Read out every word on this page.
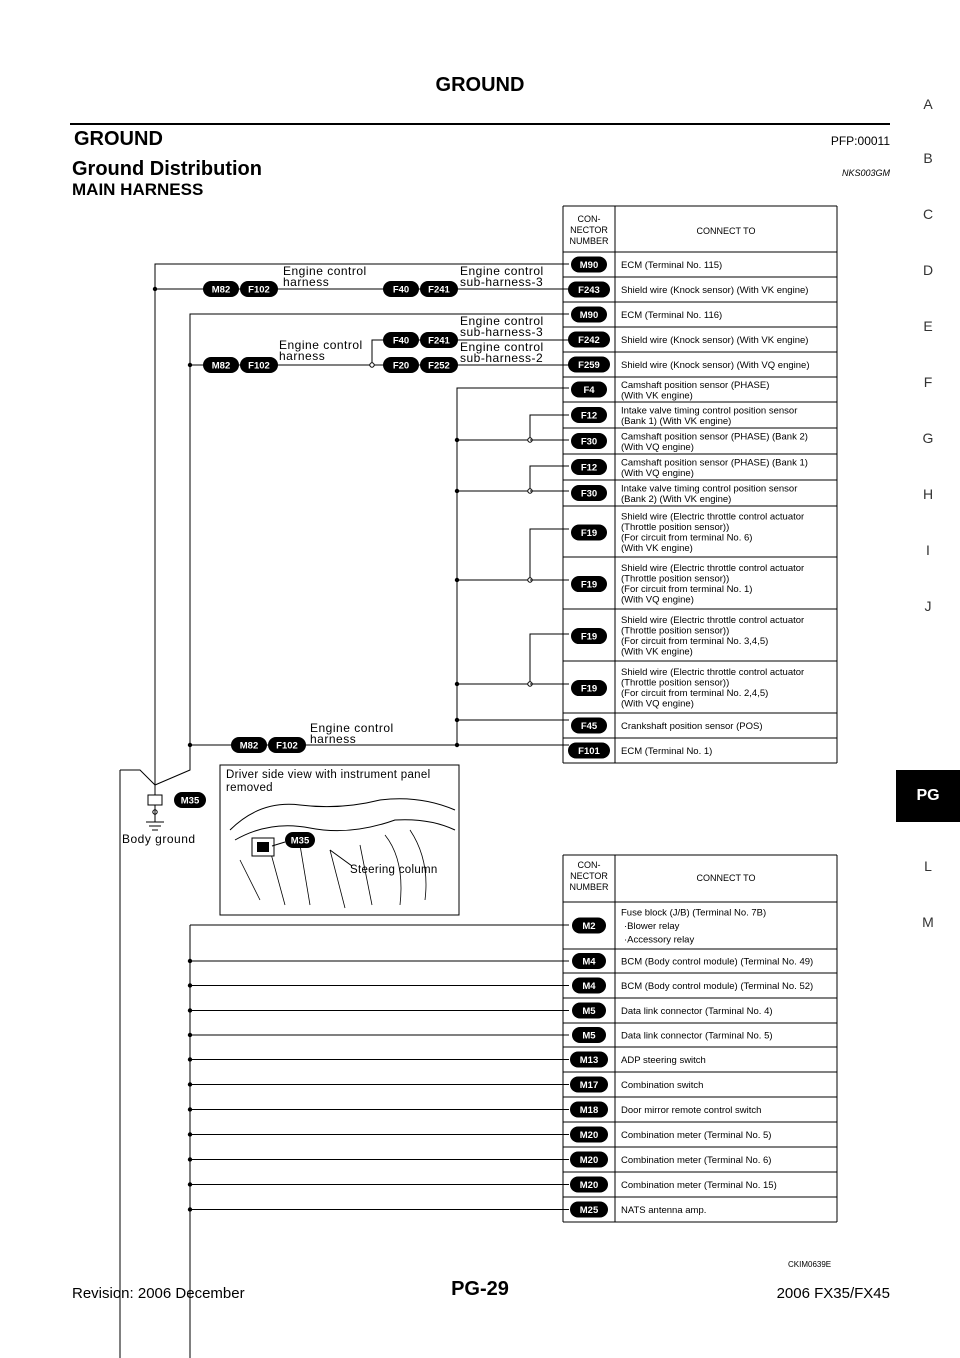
GROUND
GROUND	PFP:00011
Ground Distribution	NKS003GM
MAIN HARNESS
A
B
C
D
E
F
G
H
I
J
PG
L
M
CON-
NECTOR
NUMBER
CONNECT TO
M90 ECM (Terminal No. 115)
F243 Shield wire (Knock sensor) (With VK engine)
M90 ECM (Terminal No. 116)
F242 Shield wire (Knock sensor) (With VK engine)
F259 Shield wire (Knock sensor) (With VQ engine)
F4	Camshaft position sensor (PHASE)
(With VK engine)
F12	Intake valve timing control position sensor
(Bank 1) (With VK engine)
F30	Camshaft position sensor (PHASE) (Bank 2)
(With VQ engine)
F12	Camshaft position sensor (PHASE) (Bank 1)
(With VQ engine)
F30	Intake valve timing control position sensor
(Bank 2) (With VK engine)
F19
Shield wire (Electric throttle control actuator
(Throttle position sensor))
(For circuit from terminal No. 6)
(With VK engine)
F19
Shield wire (Electric throttle control actuator
(Throttle position sensor))
(For circuit from terminal No. 1)
(With VQ engine)
F19
Shield wire (Electric throttle control actuator
(Throttle position sensor))
(For circuit from terminal No. 3,4,5)
(With VK engine)
F19
Shield wire (Electric throttle control actuator
(Throttle position sensor))
(For circuit from terminal No. 2,4,5)
(With VQ engine)
F45	Crankshaft position sensor (POS)
F101 ECM (Terminal No. 1)
CON-
NECTOR
NUMBER
CONNECT TO
M2
Fuse block (J/B) (Terminal No. 7B)
·Blower relay
·Accessory relay
M4	BCM (Body control module) (Terminal No. 49)
M4	BCM (Body control module) (Terminal No. 52)
M5	Data link connector (Tarminal No. 4)
M5	Data link connector (Tarminal No. 5)
M13 ADP steering switch
M17 Combination switch
M18 Door mirror remote control switch
M20 Combination meter (Terminal No. 5)
M20 Combination meter (Terminal No. 6)
M20 Combination meter (Terminal No. 15)
M25 NATS antenna amp.
M82 F102	F40 F241
M82 F102
F40 F241
F20 F252
M82 F102
Engine control
harness
Engine control
sub-harness-3
Engine control
sub-harness-3
Engine control
sub-harness-2
Engine control
harness
Engine control
harness
M35
Body ground
Driver side view with instrument panel
removed
M35
Steering column
CKIM0639E
Revision: 2006 December	PG-29	2006 FX35/FX45
